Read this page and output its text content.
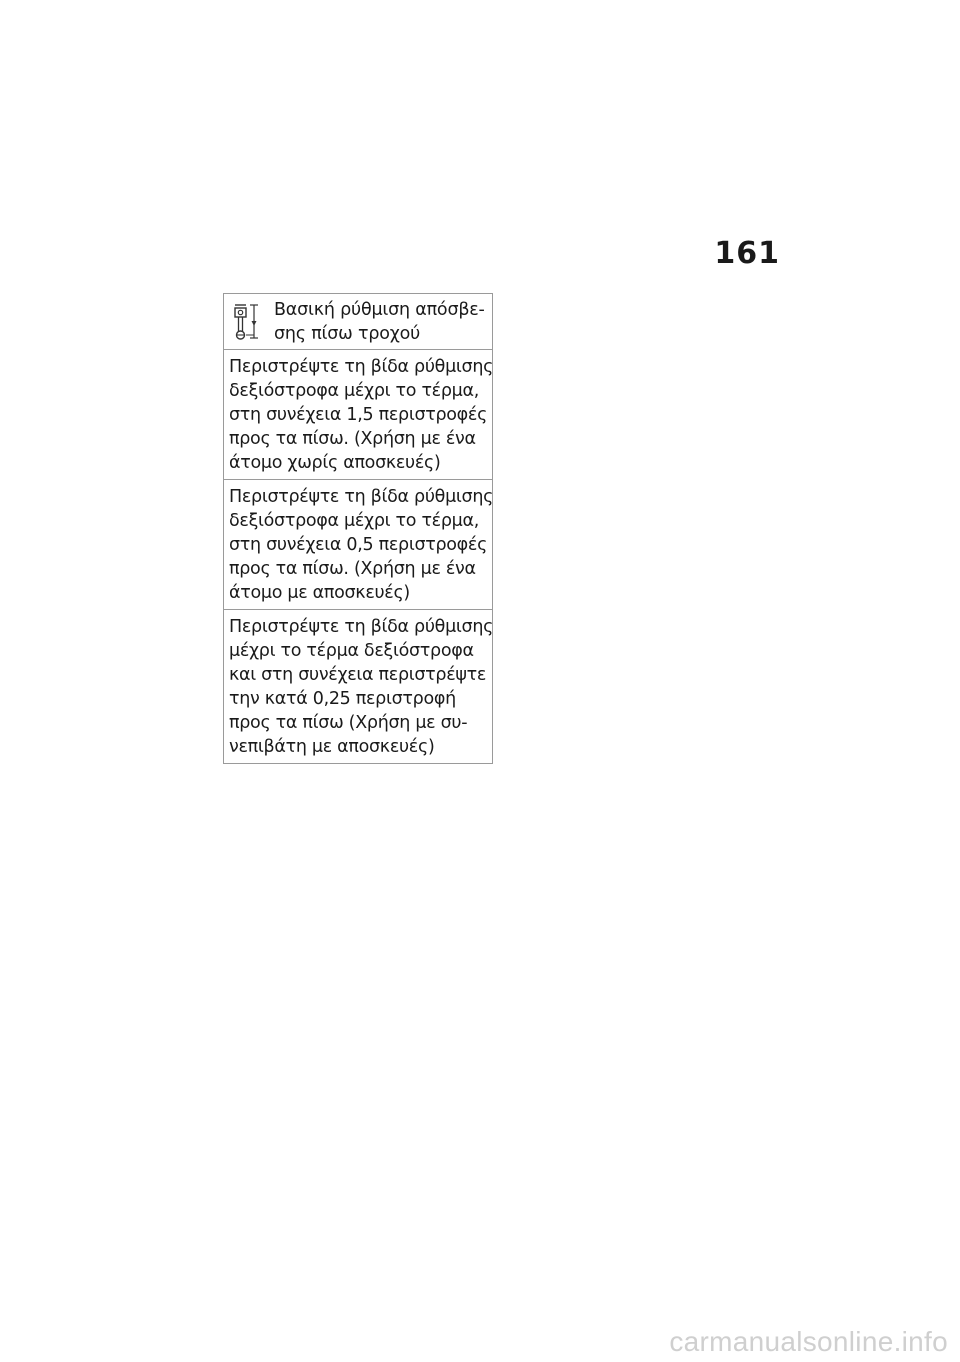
161
Βασική ρύθμιση απόσβε-
σης πίσω τροχού
Περιστρέψτε τη βίδα ρύθμισης
δεξιόστροφα μέχρι το τέρμα,
στη συνέχεια 1,5 περιστροφές
προς τα πίσω. (Χρήση με ένα
άτομο χωρίς αποσκευές)
Περιστρέψτε τη βίδα ρύθμισης
δεξιόστροφα μέχρι το τέρμα,
στη συνέχεια 0,5 περιστροφές
προς τα πίσω. (Χρήση με ένα
άτομο με αποσκευές)
Περιστρέψτε τη βίδα ρύθμισης
μέχρι το τέρμα δεξιόστροφα
και στη συνέχεια περιστρέψτε
την κατά 0,25 περιστροφή
προς τα πίσω (Χρήση με συ-
νεπιβάτη με αποσκευές)
carmanualsonline.info
